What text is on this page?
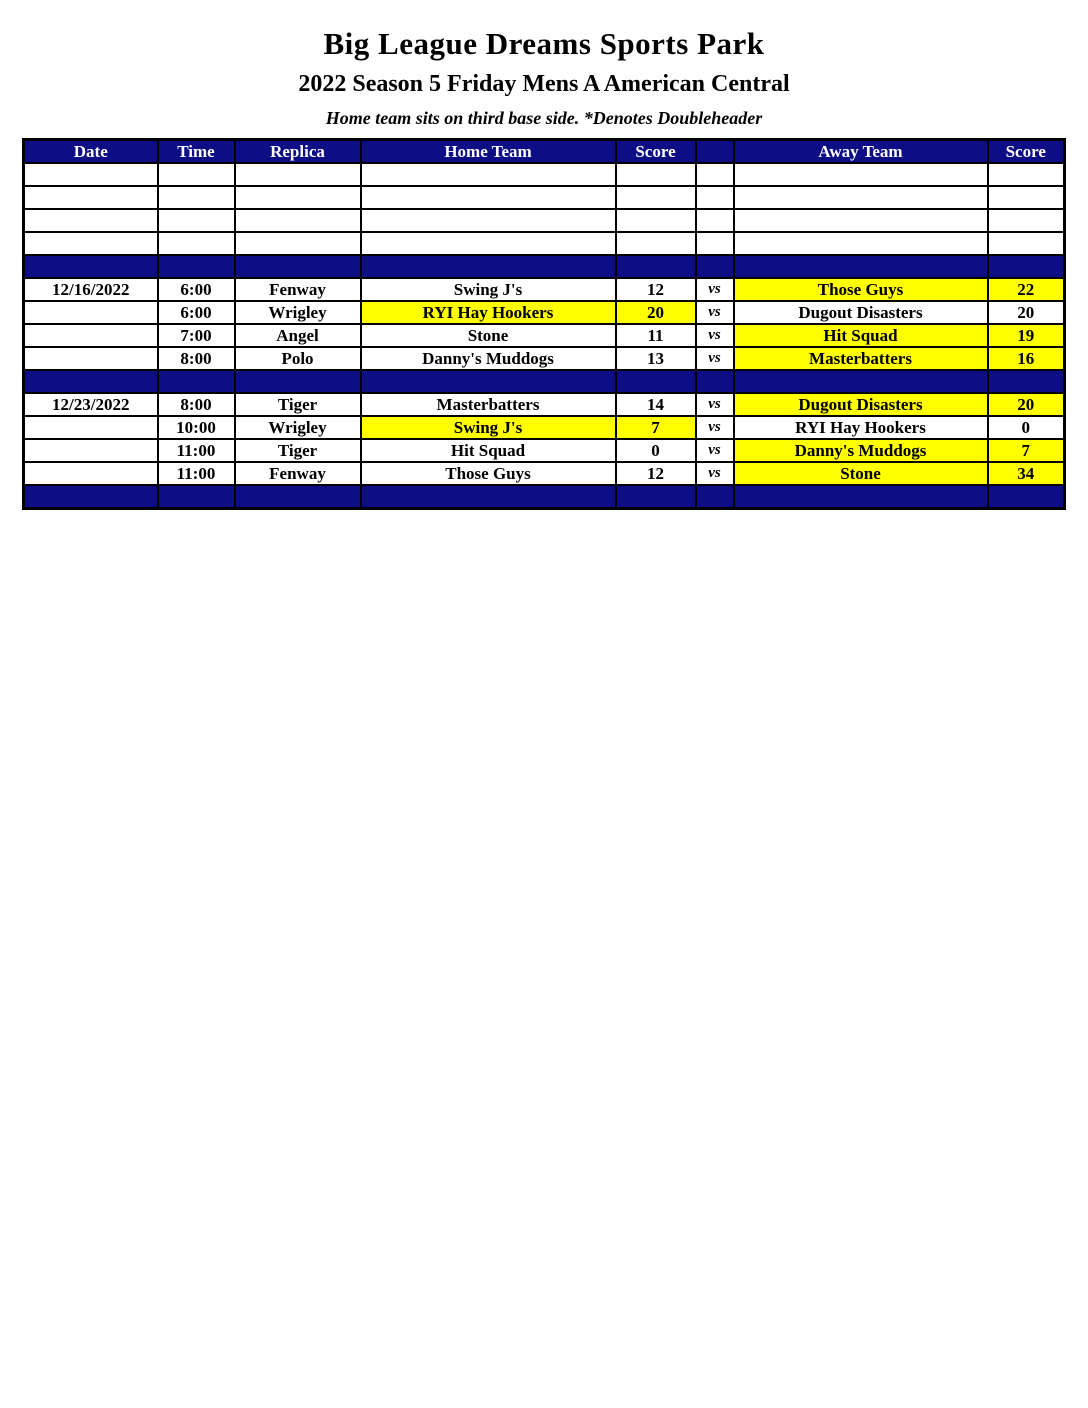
Big League Dreams Sports Park
2022 Season 5 Friday Mens A American Central
Home team sits on third base side. *Denotes Doubleheader
Date	Time	Replica	Home Team	Score		Away Team	Score

12/16/2022	6:00	Fenway	Swing J's	12	vs	Those Guys	22
	6:00	Wrigley	RYI Hay Hookers	20	vs	Dugout Disasters	20
	7:00	Angel	Stone	11	vs	Hit Squad	19
	8:00	Polo	Danny's Muddogs	13	vs	Masterbatters	16

12/23/2022	8:00	Tiger	Masterbatters	14	vs	Dugout Disasters	20
	10:00	Wrigley	Swing J's	7	vs	RYI Hay Hookers	0
	11:00	Tiger	Hit Squad	0	vs	Danny's Muddogs	7
	11:00	Fenway	Those Guys	12	vs	Stone	34
